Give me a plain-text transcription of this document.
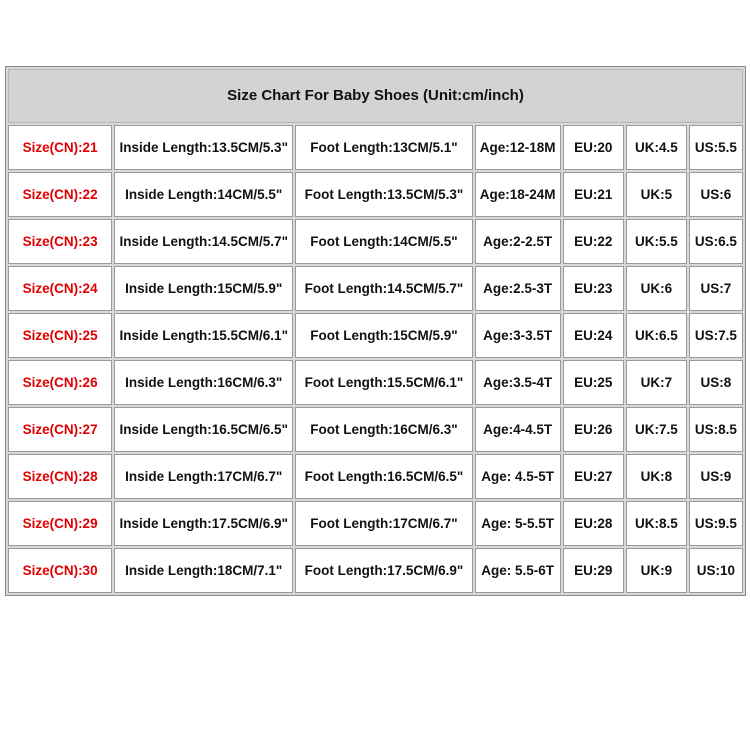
Size Chart For Baby Shoes (Unit:cm/inch)
Size(CN):21	Inside Length:13.5CM/5.3"	Foot Length:13CM/5.1"	Age:12-18M	EU:20	UK:4.5	US:5.5
Size(CN):22	Inside Length:14CM/5.5"	Foot Length:13.5CM/5.3"	Age:18-24M	EU:21	UK:5	US:6
Size(CN):23	Inside Length:14.5CM/5.7"	Foot Length:14CM/5.5"	Age:2-2.5T	EU:22	UK:5.5	US:6.5
Size(CN):24	Inside Length:15CM/5.9"	Foot Length:14.5CM/5.7"	Age:2.5-3T	EU:23	UK:6	US:7
Size(CN):25	Inside Length:15.5CM/6.1"	Foot Length:15CM/5.9"	Age:3-3.5T	EU:24	UK:6.5	US:7.5
Size(CN):26	Inside Length:16CM/6.3"	Foot Length:15.5CM/6.1"	Age:3.5-4T	EU:25	UK:7	US:8
Size(CN):27	Inside Length:16.5CM/6.5"	Foot Length:16CM/6.3"	Age:4-4.5T	EU:26	UK:7.5	US:8.5
Size(CN):28	Inside Length:17CM/6.7"	Foot Length:16.5CM/6.5"	Age: 4.5-5T	EU:27	UK:8	US:9
Size(CN):29	Inside Length:17.5CM/6.9"	Foot Length:17CM/6.7"	Age: 5-5.5T	EU:28	UK:8.5	US:9.5
Size(CN):30	Inside Length:18CM/7.1"	Foot Length:17.5CM/6.9"	Age: 5.5-6T	EU:29	UK:9	US:10
